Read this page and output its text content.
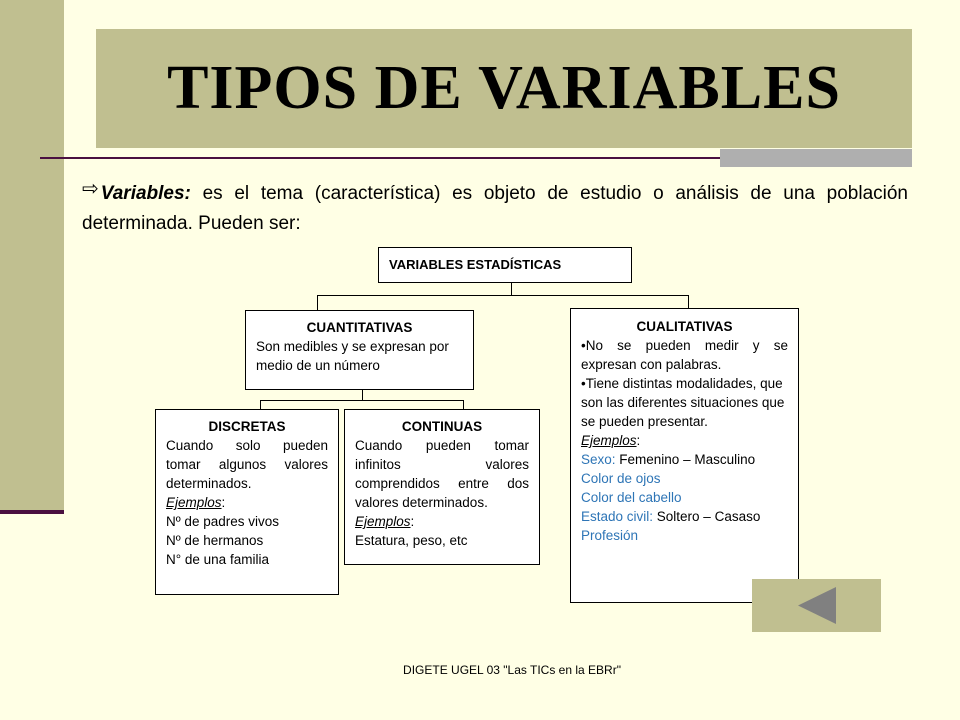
TIPOS DE VARIABLES
⇨ Variables: es el tema (característica) es objeto de estudio o análisis de una población determinada. Pueden ser:
VARIABLES ESTADÍSTICAS
CUANTITATIVAS
Son medibles y se expresan por medio de un número
CUALITATIVAS
•No se pueden medir y se expresan con palabras.
•Tiene distintas modalidades, que son las diferentes situaciones que se pueden presentar.
Ejemplos:
Sexo: Femenino – Masculino
Color de ojos
Color del cabello
Estado civil: Soltero – Casaso
Profesión
DISCRETAS
Cuando solo pueden tomar algunos valores determinados.
Ejemplos:
Nº de padres vivos
Nº de hermanos
N° de una familia
CONTINUAS
Cuando pueden tomar infinitos valores comprendidos entre dos valores determinados.
Ejemplos:
Estatura, peso, etc
DIGETE UGEL 03 "Las TICs en la EBRr"
